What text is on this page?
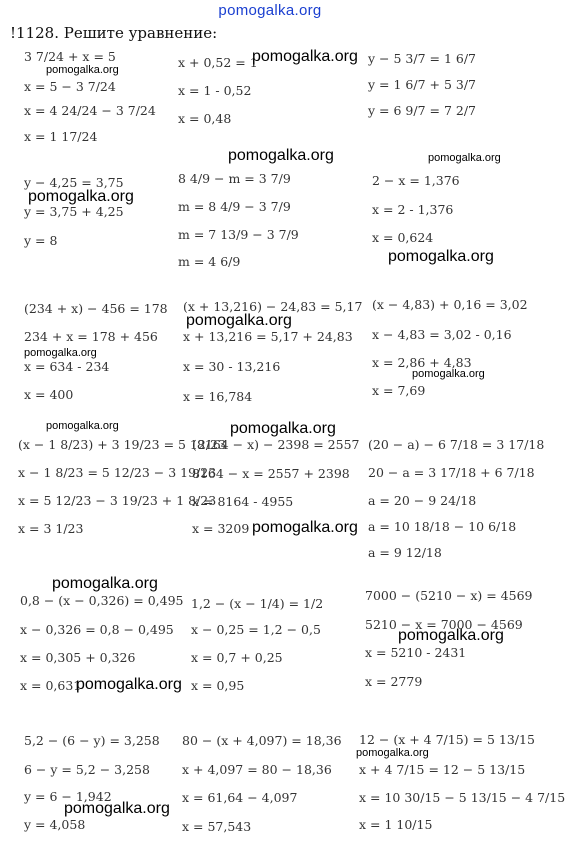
pomogalka.org
!1128. Решите уравнение:
3 7/24 + x = 5
x = 5 − 3 7/24
x = 4 24/24 − 3 7/24
x = 1 17/24
x + 0,52 = 1
x = 1 - 0,52
x = 0,48
y − 5 3/7 = 1 6/7
y = 1 6/7 + 5 3/7
y = 6 9/7 = 7 2/7
y − 4,25 = 3,75
y = 3,75 + 4,25
y = 8
8 4/9 − m = 3 7/9
m = 8 4/9 − 3 7/9
m = 7 13/9 − 3 7/9
m = 4 6/9
2 − x = 1,376
x = 2 - 1,376
x = 0,624
(234 + x) − 456 = 178
234 + x = 178 + 456
x = 634 - 234
x = 400
(x + 13,216) − 24,83 = 5,17
x + 13,216 = 5,17 + 24,83
x = 30 - 13,216
x = 16,784
(x − 4,83) + 0,16 = 3,02
x − 4,83 = 3,02 - 0,16
x = 2,86 + 4,83
x = 7,69
(x − 1 8/23) + 3 19/23 = 5 12/23
x − 1 8/23 = 5 12/23 − 3 19/23
x = 5 12/23 − 3 19/23 + 1 8/23
x = 3 1/23
(8164 − x) − 2398 = 2557
8164 − x = 2557 + 2398
x = 8164 - 4955
x = 3209
(20 − a) − 6 7/18 = 3 17/18
20 − a = 3 17/18 + 6 7/18
a = 20 − 9 24/18
a = 10 18/18 − 10 6/18
a = 9 12/18
0,8 − (x − 0,326) = 0,495
x − 0,326 = 0,8 − 0,495
x = 0,305 + 0,326
x = 0,631
1,2 − (x − 1/4) = 1/2
x − 0,25 = 1,2 − 0,5
x = 0,7 + 0,25
x = 0,95
7000 − (5210 − x) = 4569
5210 − x = 7000 − 4569
x = 5210 - 2431
x = 2779
5,2 − (6 − y) = 3,258
6 − y = 5,2 − 3,258
y = 6 − 1,942
y = 4,058
80 − (x + 4,097) = 18,36
x + 4,097 = 80 − 18,36
x = 61,64 − 4,097
x = 57,543
12 − (x + 4 7/15) = 5 13/15
x + 4 7/15 = 12 − 5 13/15
x = 10 30/15 − 5 13/15 − 4 7/15
x = 1 10/15
pomogalka.org
pomogalka.org
pomogalka.org	pomogalka.org
pomogalka.org
pomogalka.org
pomogalka.org
pomogalka.org
pomogalka.org
pomogalka.org	pomogalka.org
pomogalka.org
pomogalka.org
pomogalka.org
pomogalka.org
pomogalka.org
pomogalka.org
